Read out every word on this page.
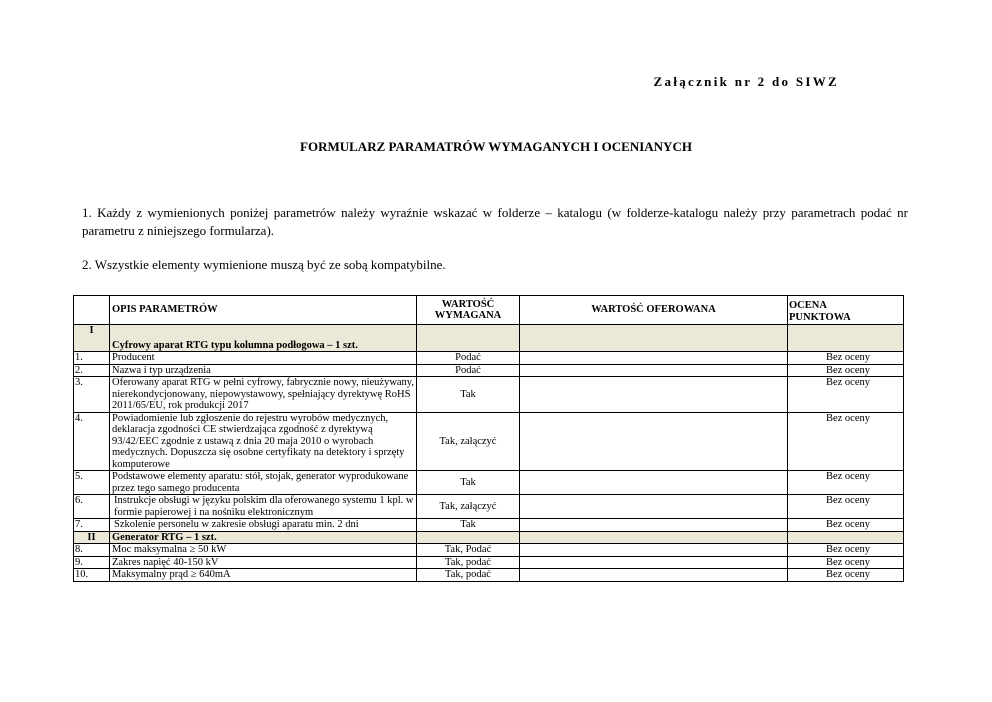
Załącznik nr 2 do SIWZ
FORMULARZ PARAMATRÓW WYMAGANYCH I OCENIANYCH
1. Każdy z wymienionych poniżej parametrów należy wyraźnie wskazać w folderze – katalogu (w folderze-katalogu należy przy parametrach podać nr parametru z niniejszego formularza).
2. Wszystkie elementy wymienione muszą być ze sobą kompatybilne.
	OPIS PARAMETRÓW	WARTOŚĆ WYMAGANA	WARTOŚĆ OFEROWANA	OCENA PUNKTOWA
I	Cyfrowy aparat RTG typu kolumna podłogowa – 1 szt.			
1.	Producent	Podać		Bez oceny
2.	Nazwa i typ urządzenia	Podać		Bez oceny
3.	Oferowany aparat RTG w pełni cyfrowy, fabrycznie nowy, nieużywany, nierekondycjonowany, niepowystawowy, spełniający dyrektywę RoHS 2011/65/EU, rok produkcji 2017	Tak		Bez oceny
4.	Powiadomienie lub zgłoszenie do rejestru wyrobów medycznych, deklaracja zgodności CE stwierdzająca zgodność z dyrektywą 93/42/EEC zgodnie z ustawą z dnia 20 maja 2010 o wyrobach medycznych. Dopuszcza się osobne certyfikaty na detektory i sprzęty komputerowe	Tak, załączyć		Bez oceny
5.	Podstawowe elementy aparatu: stół, stojak, generator wyprodukowane przez tego samego producenta	Tak		Bez oceny
6.	Instrukcje obsługi w języku polskim dla oferowanego systemu 1 kpl. w formie papierowej i na nośniku elektronicznym	Tak, załączyć		Bez oceny
7.	Szkolenie personelu w zakresie obsługi aparatu min. 2 dni	Tak		Bez oceny
II	Generator RTG – 1 szt.			
8.	Moc maksymalna ≥ 50 kW	Tak, Podać		Bez oceny
9.	Zakres napięć 40-150 kV	Tak, podać		Bez oceny
10.	Maksymalny prąd ≥ 640mA	Tak, podać		Bez oceny
